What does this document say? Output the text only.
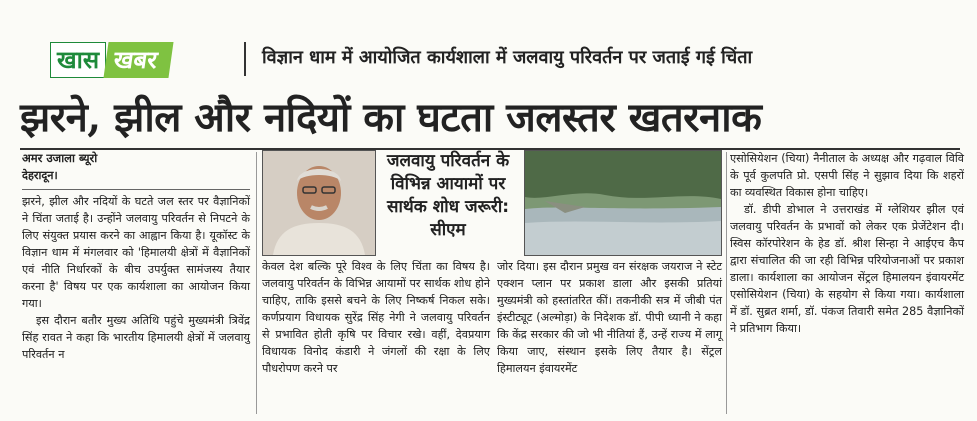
खास खबर	विज्ञान धाम में आयोजित कार्यशाला में जलवायु परिवर्तन पर जताई गई चिंता
झरने, झील और नदियों का घटता जलस्तर खतरनाक

अमर उजाला ब्यूरो

देहरादून।

झरने, झील और नदियों के घटते जल स्तर पर वैज्ञानिकों ने चिंता जताई है। उन्होंने जलवायु परिवर्तन से निपटने के लिए संयुक्त प्रयास करने का आह्वान किया है। यूकॉस्ट के विज्ञान धाम में मंगलवार को 'हिमालयी क्षेत्रों में वैज्ञानिकों एवं नीति निर्धारकों के बीच उपर्युक्त सामंजस्य तैयार करना है' विषय पर एक कार्यशाला का आयोजन किया गया।

इस दौरान बतौर मुख्य अतिथि पहुंचे मुख्यमंत्री त्रिवेंद्र सिंह रावत ने कहा कि भारतीय हिमालयी क्षेत्रों में जलवायु परिवर्तन न

जलवायु परिवर्तन के विभिन्न आयामों पर सार्थक शोध जरूरी: सीएम

केवल देश बल्कि पूरे विश्व के लिए चिंता का विषय है। जलवायु परिवर्तन के विभिन्न आयामों पर सार्थक शोध होने चाहिए, ताकि इससे बचने के लिए निष्कर्ष निकल सके। कर्णप्रयाग विधायक सुरेंद्र सिंह नेगी ने जलवायु परिवर्तन से प्रभावित होती कृषि पर विचार रखे। वहीं, देवप्रयाग विधायक विनोद कंडारी ने जंगलों की रक्षा के लिए पौधरोपण करने पर

जोर दिया। इस दौरान प्रमुख वन संरक्षक जयराज ने स्टेट एक्शन प्लान पर प्रकाश डाला और इसकी प्रतियां मुख्यमंत्री को हस्तांतरित कीं। तकनीकी सत्र में जीबी पंत इंस्टीट्यूट (अल्मोड़ा) के निदेशक डॉ. पीपी ध्यानी ने कहा कि केंद्र सरकार की जो भी नीतियां हैं, उन्हें राज्य में लागू किया जाए, संस्थान इसके लिए तैयार है। सेंट्रल हिमालयन इंवायरमेंट

एसोसियेशन (चिया) नैनीताल के अध्यक्ष और गढ़वाल विवि के पूर्व कुलपति प्रो. एसपी सिंह ने सुझाव दिया कि शहरों का व्यवस्थित विकास होना चाहिए।

डॉ. डीपी डोभाल ने उत्तराखंड में ग्लेशियर झील एवं जलवायु परिवर्तन के प्रभावों को लेकर एक प्रेजेंटेशन दी। स्विस कॉरपोरेशन के हेड डॉ. श्रीश सिन्हा ने आईएच कैप द्वारा संचालित की जा रही विभिन्न परियोजनाओं पर प्रकाश डाला। कार्यशाला का आयोजन सेंट्रल हिमालयन इंवायरमेंट एसोसियेशन (चिया) के सहयोग से किया गया। कार्यशाला में डॉ. सुब्रत शर्मा, डॉ. पंकज तिवारी समेत 285 वैज्ञानिकों ने प्रतिभाग किया।
